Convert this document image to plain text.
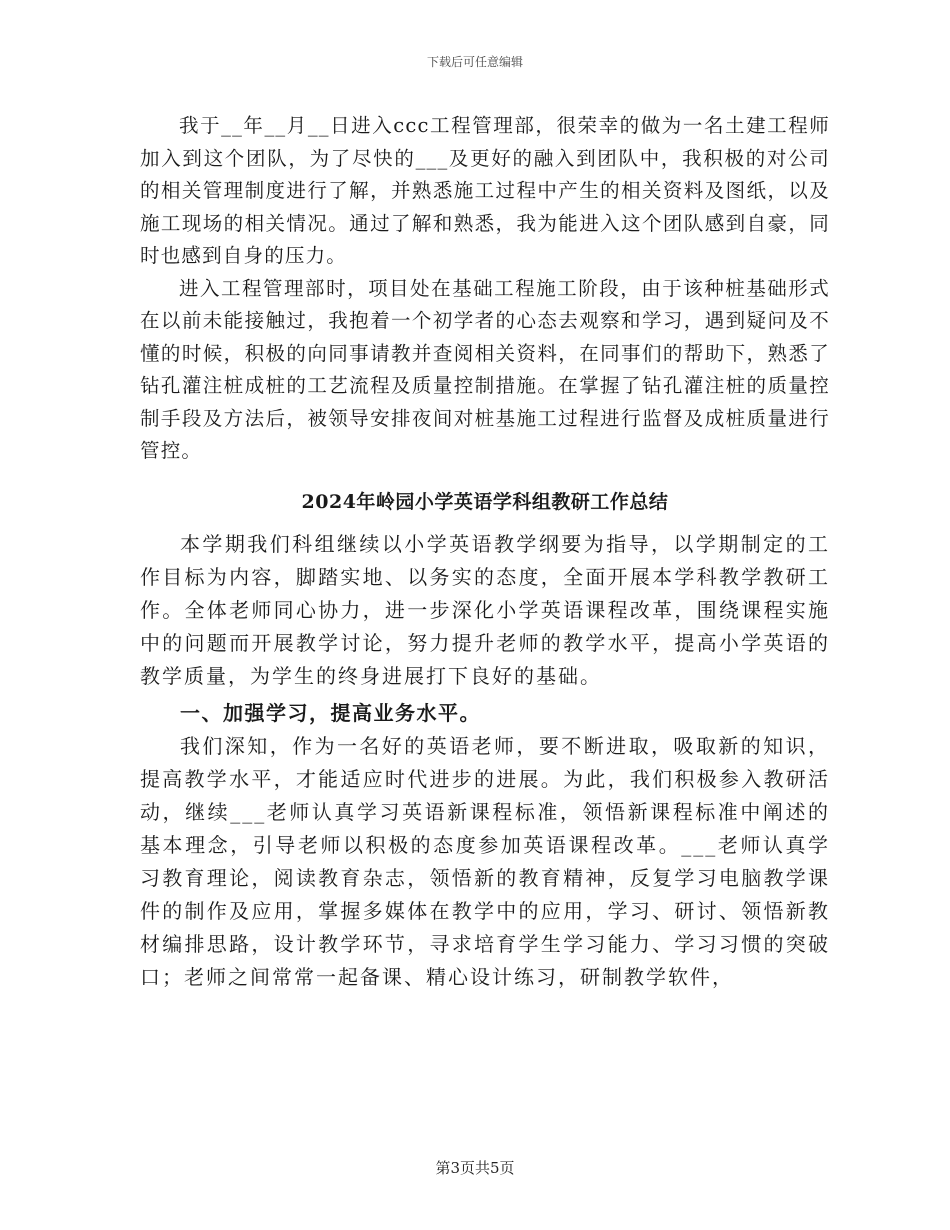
下载后可任意编辑

我于__年__月__日进入ccc工程管理部，很荣幸的做为一名土建工程师加入到这个团队，为了尽快的___及更好的融入到团队中，我积极的对公司的相关管理制度进行了解，并熟悉施工过程中产生的相关资料及图纸，以及施工现场的相关情况。通过了解和熟悉，我为能进入这个团队感到自豪，同时也感到自身的压力。

进入工程管理部时，项目处在基础工程施工阶段，由于该种桩基础形式在以前未能接触过，我抱着一个初学者的心态去观察和学习，遇到疑问及不懂的时候，积极的向同事请教并查阅相关资料，在同事们的帮助下，熟悉了钻孔灌注桩成桩的工艺流程及质量控制措施。在掌握了钻孔灌注桩的质量控制手段及方法后，被领导安排夜间对桩基施工过程进行监督及成桩质量进行管控。

2024年岭园小学英语学科组教研工作总结

本学期我们科组继续以小学英语教学纲要为指导，以学期制定的工作目标为内容，脚踏实地、以务实的态度，全面开展本学科教学教研工作。全体老师同心协力，进一步深化小学英语课程改革，围绕课程实施中的问题而开展教学讨论，努力提升老师的教学水平，提高小学英语的教学质量，为学生的终身进展打下良好的基础。

一、加强学习，提高业务水平。

我们深知，作为一名好的英语老师，要不断进取，吸取新的知识，提高教学水平，才能适应时代进步的进展。为此，我们积极参入教研活动，继续___老师认真学习英语新课程标准，领悟新课程标准中阐述的基本理念，引导老师以积极的态度参加英语课程改革。___老师认真学习教育理论，阅读教育杂志，领悟新的教育精神，反复学习电脑教学课件的制作及应用，掌握多媒体在教学中的应用，学习、研讨、领悟新教材编排思路，设计教学环节，寻求培育学生学习能力、学习习惯的突破口；老师之间常常一起备课、精心设计练习，研制教学软件，

第3页共5页
